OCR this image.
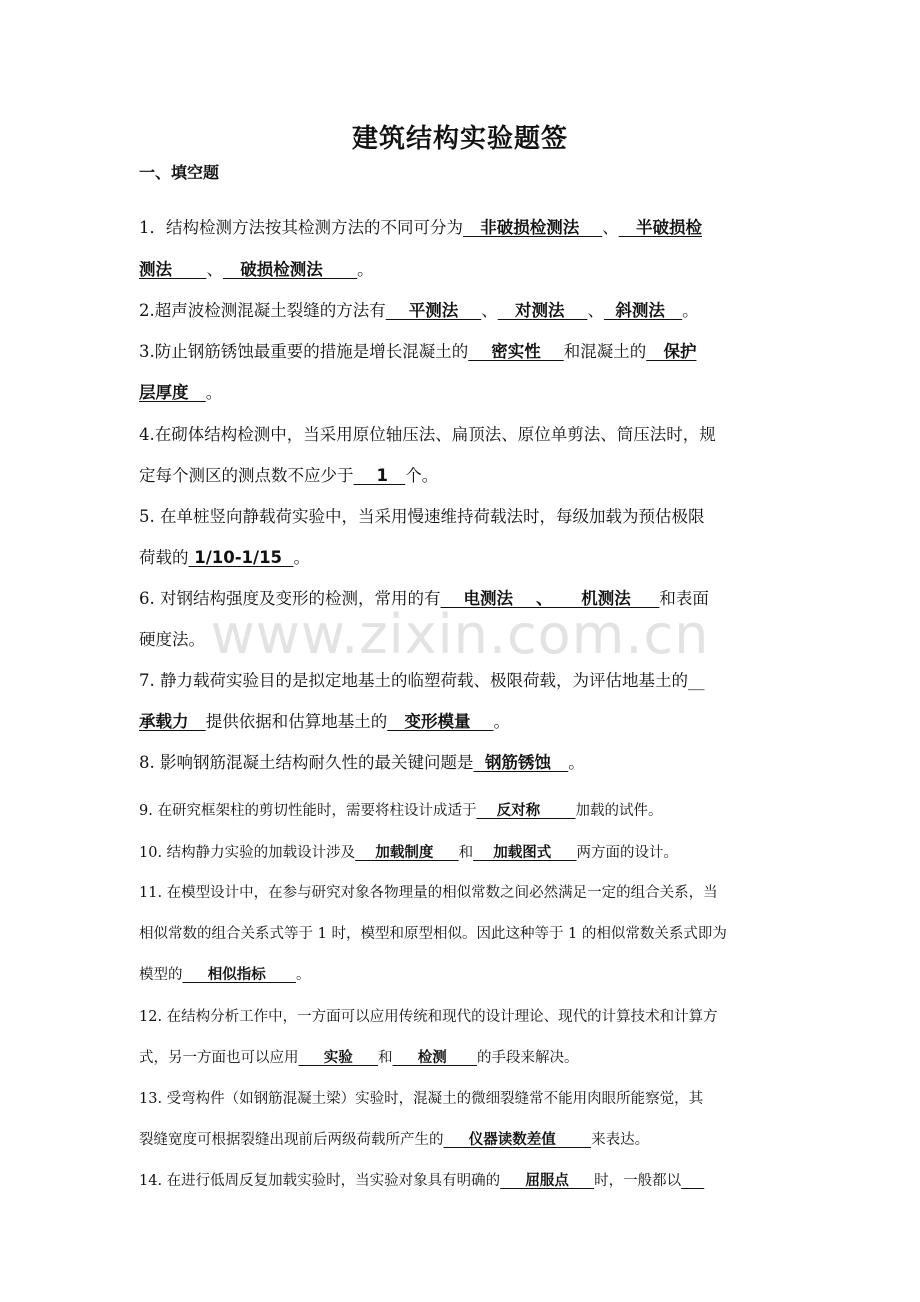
建筑结构实验题签
一、填空题
www.zixin.com.cn
1．结构检测方法按其检测方法的不同可分为   非破损检测法    、   半破损检
测法      、   破损检测法      。
2.超声波检测混凝土裂缝的方法有    平测法    、   对测法    、  斜测法   。
3.防止钢筋锈蚀最重要的措施是增长混凝土的    密实性    和混凝土的   保护
层厚度   。
4.在砌体结构检测中，当采用原位轴压法、扁顶法、原位单剪法、筒压法时，规
定每个测区的测点数不应少于    1   个。
5. 在单桩竖向静载荷实验中，当采用慢速维持荷载法时，每级加载为预估极限
荷载的 1/10-1/15  。
6. 对钢结构强度及变形的检测，常用的有    电测法    、     机测法     和表面
硬度法。
7. 静力载荷实验目的是拟定地基土的临塑荷载、极限荷载，为评估地基土的__
承载力   提供依据和估算地基土的   变形模量    。
8. 影响钢筋混凝土结构耐久性的最关键问题是  钢筋锈蚀   。
9. 在研究框架柱的剪切性能时，需要将柱设计成适于    反对称       加载的试件。
10. 结构静力实验的加载设计涉及    加载制度     和    加载图式     两方面的设计。
11. 在模型设计中，在参与研究对象各物理量的相似常数之间必然满足一定的组合关系，当
相似常数的组合关系式等于 1 时，模型和原型相似。因此这种等于 1 的相似常数关系式即为
模型的     相似指标      。
12. 在结构分析工作中，一方面可以应用传统和现代的设计理论、现代的计算技术和计算方
式，另一方面也可以应用     实验     和     检测      的手段来解决。
13. 受弯构件（如钢筋混凝土梁）实验时，混凝土的微细裂缝常不能用肉眼所能察觉，其
裂缝宽度可根据裂缝出现前后两级荷载所产生的     仪器读数差值       来表达。
14. 在进行低周反复加载实验时，当实验对象具有明确的     屈服点     时，一般都以
